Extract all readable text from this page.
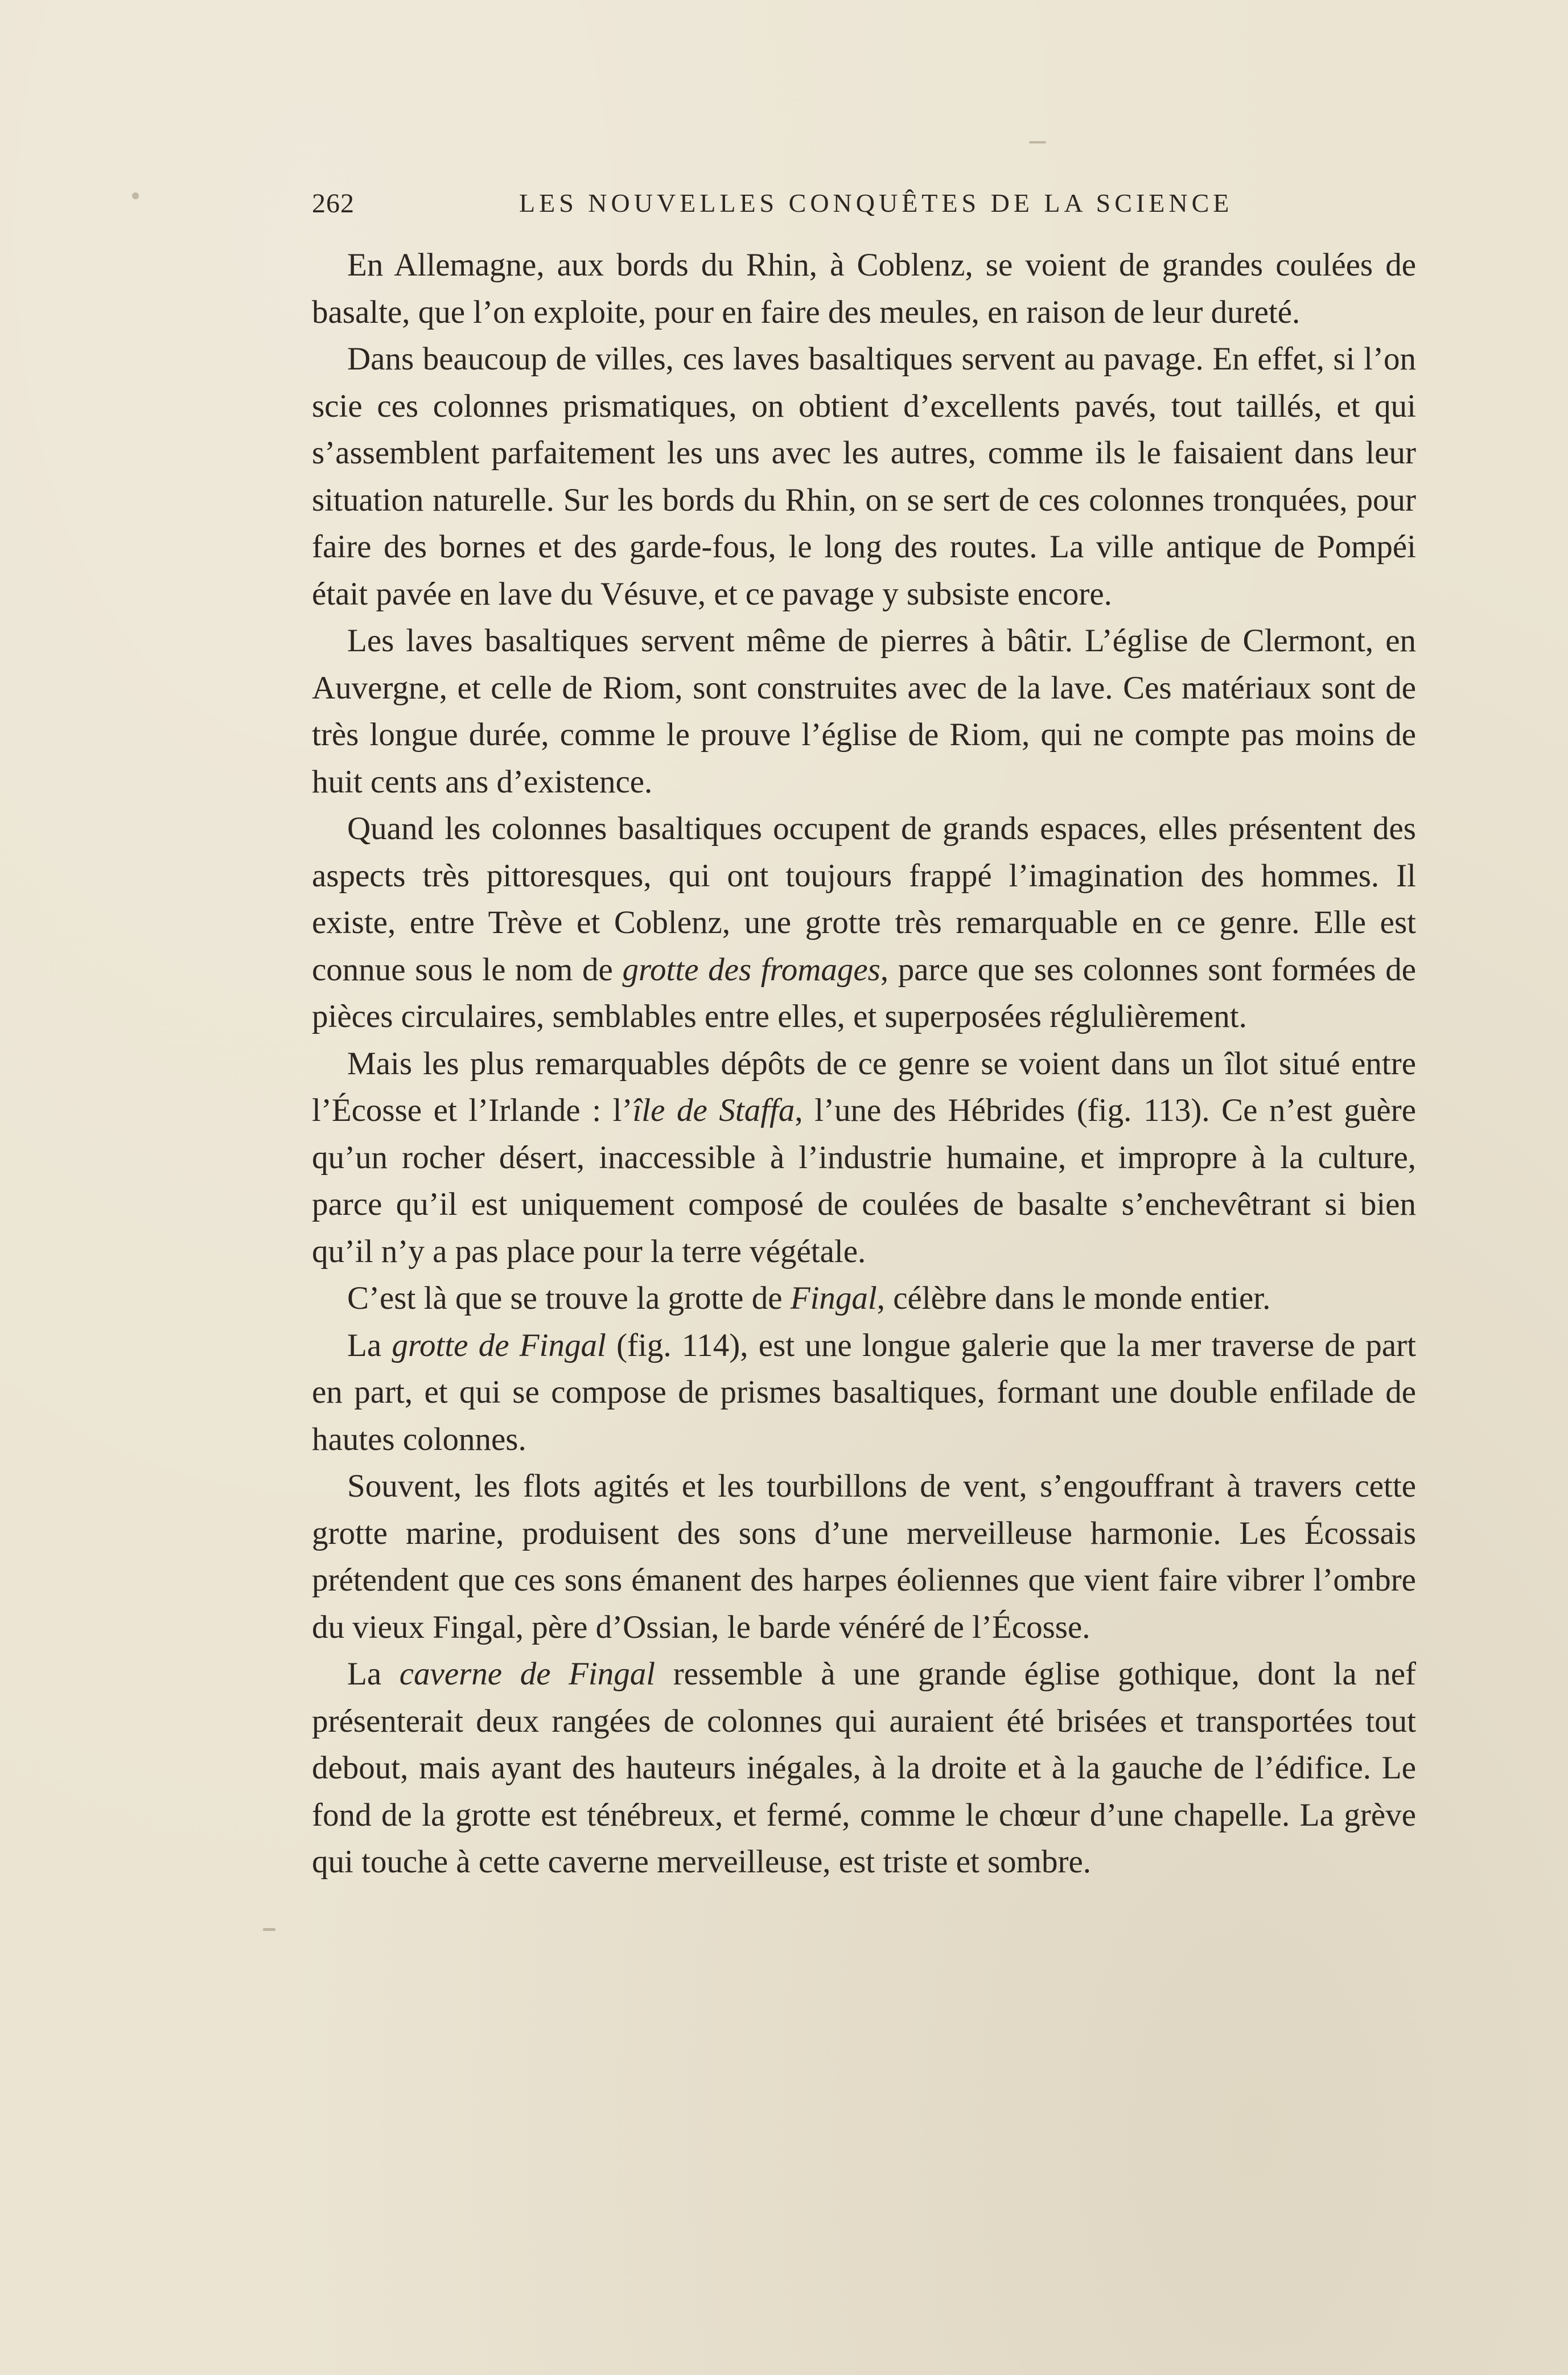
262	LES NOUVELLES CONQUÊTES DE LA SCIENCE

En Allemagne, aux bords du Rhin, à Coblenz, se voient de grandes coulées de basalte, que l’on exploite, pour en faire des meules, en raison de leur dureté.

Dans beaucoup de villes, ces laves basaltiques servent au pavage. En effet, si l’on scie ces colonnes prismatiques, on obtient d’excellents pavés, tout taillés, et qui s’assemblent parfaitement les uns avec les autres, comme ils le faisaient dans leur situation naturelle. Sur les bords du Rhin, on se sert de ces colonnes tronquées, pour faire des bornes et des garde-fous, le long des routes. La ville antique de Pompéi était pavée en lave du Vésuve, et ce pavage y subsiste encore.

Les laves basaltiques servent même de pierres à bâtir. L’église de Clermont, en Auvergne, et celle de Riom, sont construites avec de la lave. Ces matériaux sont de très longue durée, comme le prouve l’église de Riom, qui ne compte pas moins de huit cents ans d’existence.

Quand les colonnes basaltiques occupent de grands espaces, elles présentent des aspects très pittoresques, qui ont toujours frappé l’imagination des hommes. Il existe, entre Trève et Coblenz, une grotte très remarquable en ce genre. Elle est connue sous le nom de grotte des fromages, parce que ses colonnes sont formées de pièces circulaires, semblables entre elles, et superposées réglulièrement.

Mais les plus remarquables dépôts de ce genre se voient dans un îlot situé entre l’Écosse et l’Irlande : l’île de Staffa, l’une des Hébrides (fig. 113). Ce n’est guère qu’un rocher désert, inaccessible à l’industrie humaine, et impropre à la culture, parce qu’il est uniquement composé de coulées de basalte s’enchevêtrant si bien qu’il n’y a pas place pour la terre végétale.

C’est là que se trouve la grotte de Fingal, célèbre dans le monde entier.

La grotte de Fingal (fig. 114), est une longue galerie que la mer traverse de part en part, et qui se compose de prismes basaltiques, formant une double enfilade de hautes colonnes.

Souvent, les flots agités et les tourbillons de vent, s’engouffrant à travers cette grotte marine, produisent des sons d’une merveilleuse harmonie. Les Écossais prétendent que ces sons émanent des harpes éoliennes que vient faire vibrer l’ombre du vieux Fingal, père d’Ossian, le barde vénéré de l’Écosse.

La caverne de Fingal ressemble à une grande église gothique, dont la nef présenterait deux rangées de colonnes qui auraient été brisées et transportées tout debout, mais ayant des hauteurs inégales, à la droite et à la gauche de l’édifice. Le fond de la grotte est ténébreux, et fermé, comme le chœur d’une chapelle. La grève qui touche à cette caverne merveilleuse, est triste et sombre.
